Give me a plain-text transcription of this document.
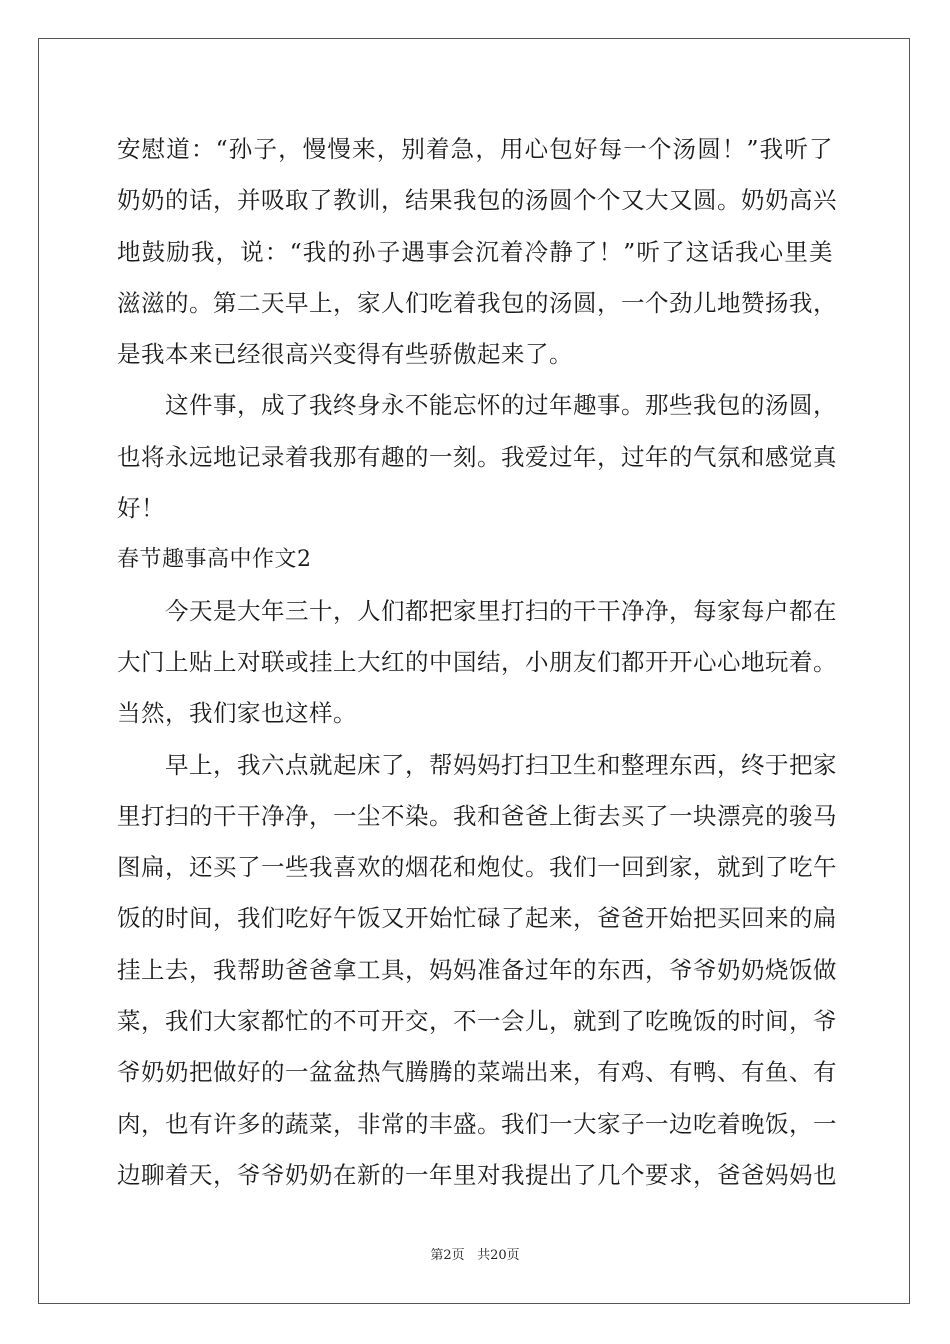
安慰道：“孙子，慢慢来，别着急，用心包好每一个汤圆！”我听了
奶奶的话，并吸取了教训，结果我包的汤圆个个又大又圆。奶奶高兴
地鼓励我，说：“我的孙子遇事会沉着冷静了！”听了这话我心里美
滋滋的。第二天早上，家人们吃着我包的汤圆，一个劲儿地赞扬我，
是我本来已经很高兴变得有些骄傲起来了。
这件事，成了我终身永不能忘怀的过年趣事。那些我包的汤圆，
也将永远地记录着我那有趣的一刻。我爱过年，过年的气氛和感觉真
好！
春节趣事高中作文2
今天是大年三十，人们都把家里打扫的干干净净，每家每户都在
大门上贴上对联或挂上大红的中国结，小朋友们都开开心心地玩着。
当然，我们家也这样。
早上，我六点就起床了，帮妈妈打扫卫生和整理东西，终于把家
里打扫的干干净净，一尘不染。我和爸爸上街去买了一块漂亮的骏马
图扁，还买了一些我喜欢的烟花和炮仗。我们一回到家，就到了吃午
饭的时间，我们吃好午饭又开始忙碌了起来，爸爸开始把买回来的扁
挂上去，我帮助爸爸拿工具，妈妈准备过年的东西，爷爷奶奶烧饭做
菜，我们大家都忙的不可开交，不一会儿，就到了吃晚饭的时间，爷
爷奶奶把做好的一盆盆热气腾腾的菜端出来，有鸡、有鸭、有鱼、有
肉，也有许多的蔬菜，非常的丰盛。我们一大家子一边吃着晚饭，一
边聊着天，爷爷奶奶在新的一年里对我提出了几个要求，爸爸妈妈也
第2页 共20页
